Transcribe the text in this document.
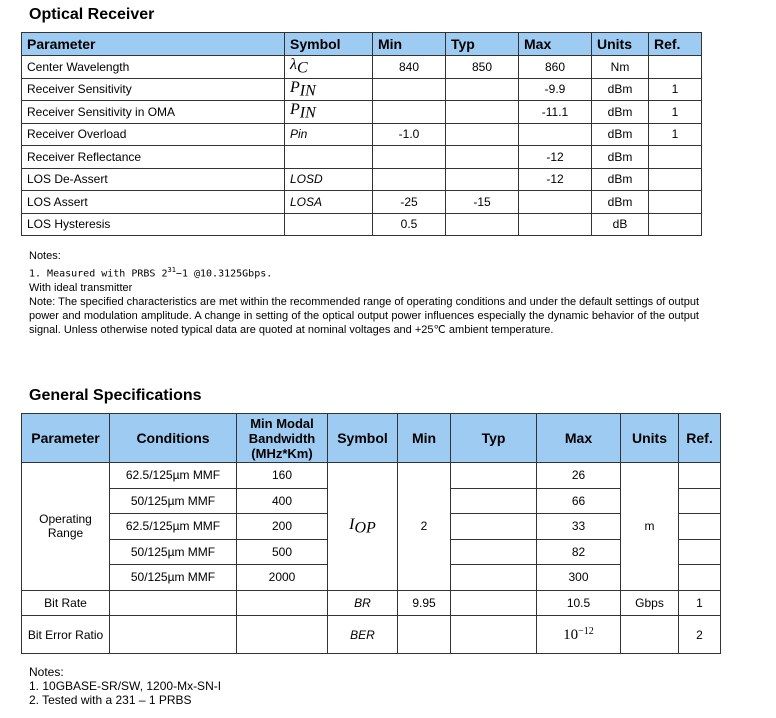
Optical Receiver
Parameter	Symbol	Min	Typ	Max	Units	Ref.
Center Wavelength	$\lambda_C$	840	850	860	Nm	
Receiver Sensitivity	$P_{IN}$			-9.9	dBm	1
Receiver Sensitivity in OMA	$P_{IN}$			-11.1	dBm	1
Receiver Overload	Pin	-1.0			dBm	1
Receiver Reflectance				-12	dBm	
LOS De-Assert	LOSD			-12	dBm	
LOS Assert	LOSA	-25	-15		dBm	
LOS Hysteresis		0.5			dB	
Notes:
1. Measured with PRBS $2^{31}-1$ @10.3125Gbps.
With ideal transmitter
Note: The specified characteristics are met within the recommended range of operating conditions and under the default settings of output power and modulation amplitude. A change in setting of the optical output power influences especially the dynamic behavior of the output signal. Unless otherwise noted typical data are quoted at nominal voltages and +25℃ ambient temperature.
General Specifications
Parameter	Conditions	Min Modal Bandwidth (MHz*Km)	Symbol	Min	Typ	Max	Units	Ref.
Operating Range	62.5/125µm MMF	160	$I_{OP}$	2		26	m	
	50/125µm MMF	400				66		
	62.5/125µm MMF	200				33		
	50/125µm MMF	500				82		
	50/125µm MMF	2000				300		
Bit Rate			BR	9.95		10.5	Gbps	1
Bit Error Ratio			BER			$10^{-12}$		2
Notes:
1. 10GBASE-SR/SW, 1200-Mx-SN-I
2. Tested with a 231 – 1 PRBS
